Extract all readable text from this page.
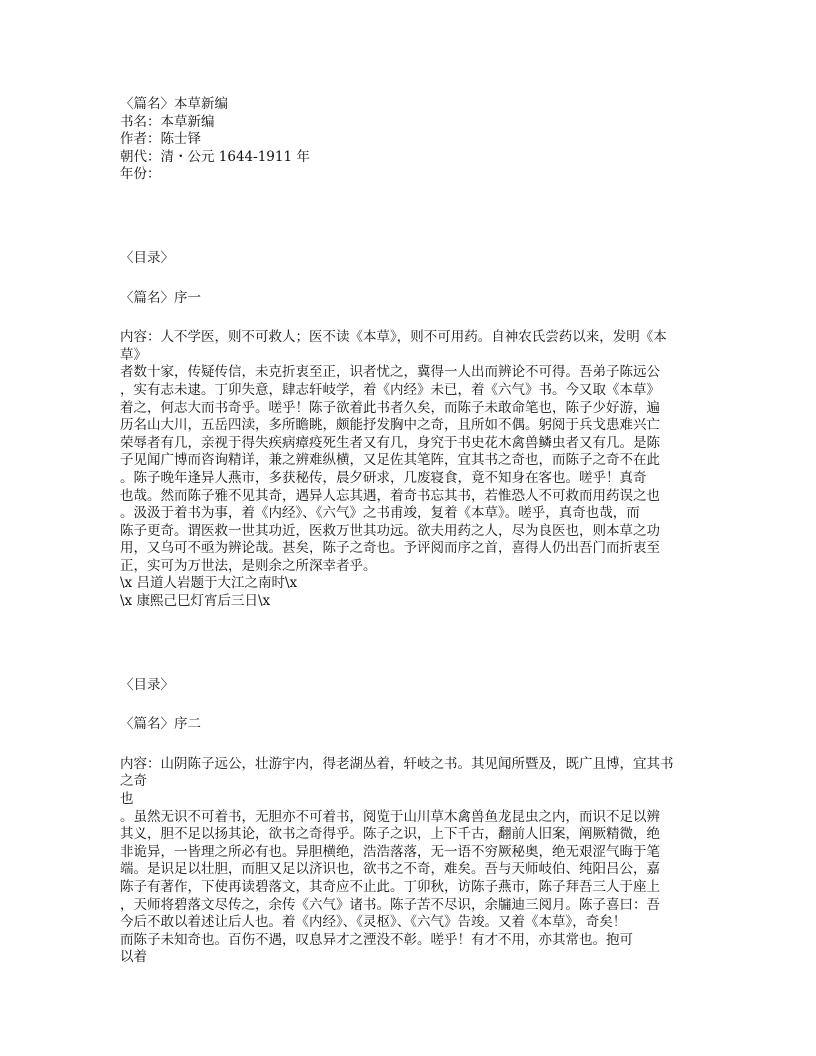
〈篇名〉本草新编
书名：本草新编
作者：陈士铎
朝代：清・公元 1644-1911 年
年份：
〈目录〉
〈篇名〉序一
内容：人不学医，则不可救人；医不读《本草》，则不可用药。自神农氏尝药以来，发明《本
草》
者数十家，传疑传信，未克折衷至正，识者忧之，冀得一人出而辨论不可得。吾弟子陈远公
，实有志未逮。丁卯失意，肆志轩岐学，着《内经》未已，着《六气》书。今又取《本草》
着之，何志大而书奇乎。嗟乎！陈子欲着此书者久矣，而陈子未敢命笔也，陈子少好游，遍
历名山大川，五岳四渎，多所瞻眺，颇能抒发胸中之奇，且所如不偶。躬阅于兵戈患难兴亡
荣辱者有几，亲视于得失疾病瘴疫死生者又有几，身究于书史花木禽兽鳞虫者又有几。是陈
子见闻广博而咨询精详，兼之辨难纵横，又足佐其笔阵，宜其书之奇也，而陈子之奇不在此
。陈子晚年逢异人燕市，多获秘传，晨夕研求，几废寝食，竟不知身在客也。嗟乎！真奇
也哉。然而陈子雅不见其奇，遇异人忘其遇，着奇书忘其书，若惟恐人不可救而用药误之也
。汲汲于着书为事，着《内经》、《六气》之书甫竣，复着《本草》。嗟乎，真奇也哉，而
陈子更奇。谓医救一世其功近，医救万世其功远。欲夫用药之人，尽为良医也，则本草之功
用，又乌可不亟为辨论哉。甚矣，陈子之奇也。予评阅而序之首，喜得人仍出吾门而折衷至
正，实可为万世法，是则余之所深幸者乎。
\x 吕道人岩题于大江之南时\x
\x 康熙己巳灯宵后三日\x
〈目录〉
〈篇名〉序二
内容：山阴陈子远公，壮游宇内，得老湖丛着，轩岐之书。其见闻所暨及，既广且博，宜其书
之奇
也
。虽然无识不可着书，无胆亦不可着书，阅览于山川草木禽兽鱼龙昆虫之内，而识不足以辨
其义，胆不足以扬其论，欲书之奇得乎。陈子之识，上下千古，翻前人旧案，阐厥精微，绝
非诡异，一皆理之所必有也。异胆横绝，浩浩落落，无一语不穷厥秘奥，绝无艰涩气晦于笔
端。是识足以壮胆，而胆又足以济识也，欲书之不奇，难矣。吾与天师岐伯、纯阳吕公，嘉
陈子有著作，下使再读碧落文，其奇应不止此。丁卯秋，访陈子燕市，陈子拜吾三人于座上
，天师将碧落文尽传之，余传《六气》诸书。陈子苦不尽识，余牖迪三阅月。陈子喜曰：吾
今后不敢以着述让后人也。着《内经》、《灵枢》、《六气》告竣。又着《本草》，奇矣！
而陈子未知奇也。百伤不遇，叹息异才之湮没不彰。嗟乎！有才不用，亦其常也。抱可
以着
